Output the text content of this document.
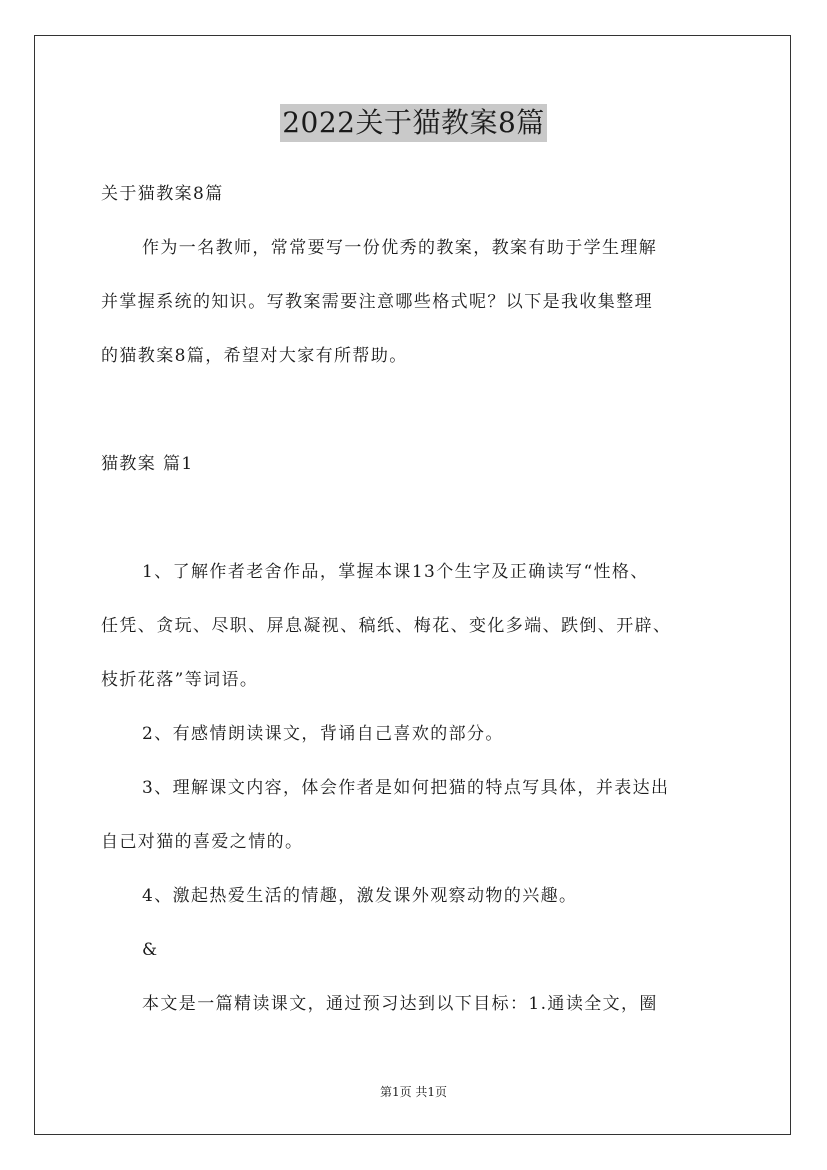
2022关于猫教案8篇
关于猫教案8篇
作为一名教师，常常要写一份优秀的教案，教案有助于学生理解
并掌握系统的知识。写教案需要注意哪些格式呢？以下是我收集整理
的猫教案8篇，希望对大家有所帮助。
猫教案 篇1
1、了解作者老舍作品，掌握本课13个生字及正确读写“性格、
任凭、贪玩、尽职、屏息凝视、稿纸、梅花、变化多端、跌倒、开辟、
枝折花落”等词语。
2、有感情朗读课文，背诵自己喜欢的部分。
3、理解课文内容，体会作者是如何把猫的特点写具体，并表达出
自己对猫的喜爱之情的。
4、激起热爱生活的情趣，激发课外观察动物的兴趣。
&
本文是一篇精读课文，通过预习达到以下目标：1.通读全文，圈
第1页 共1页
